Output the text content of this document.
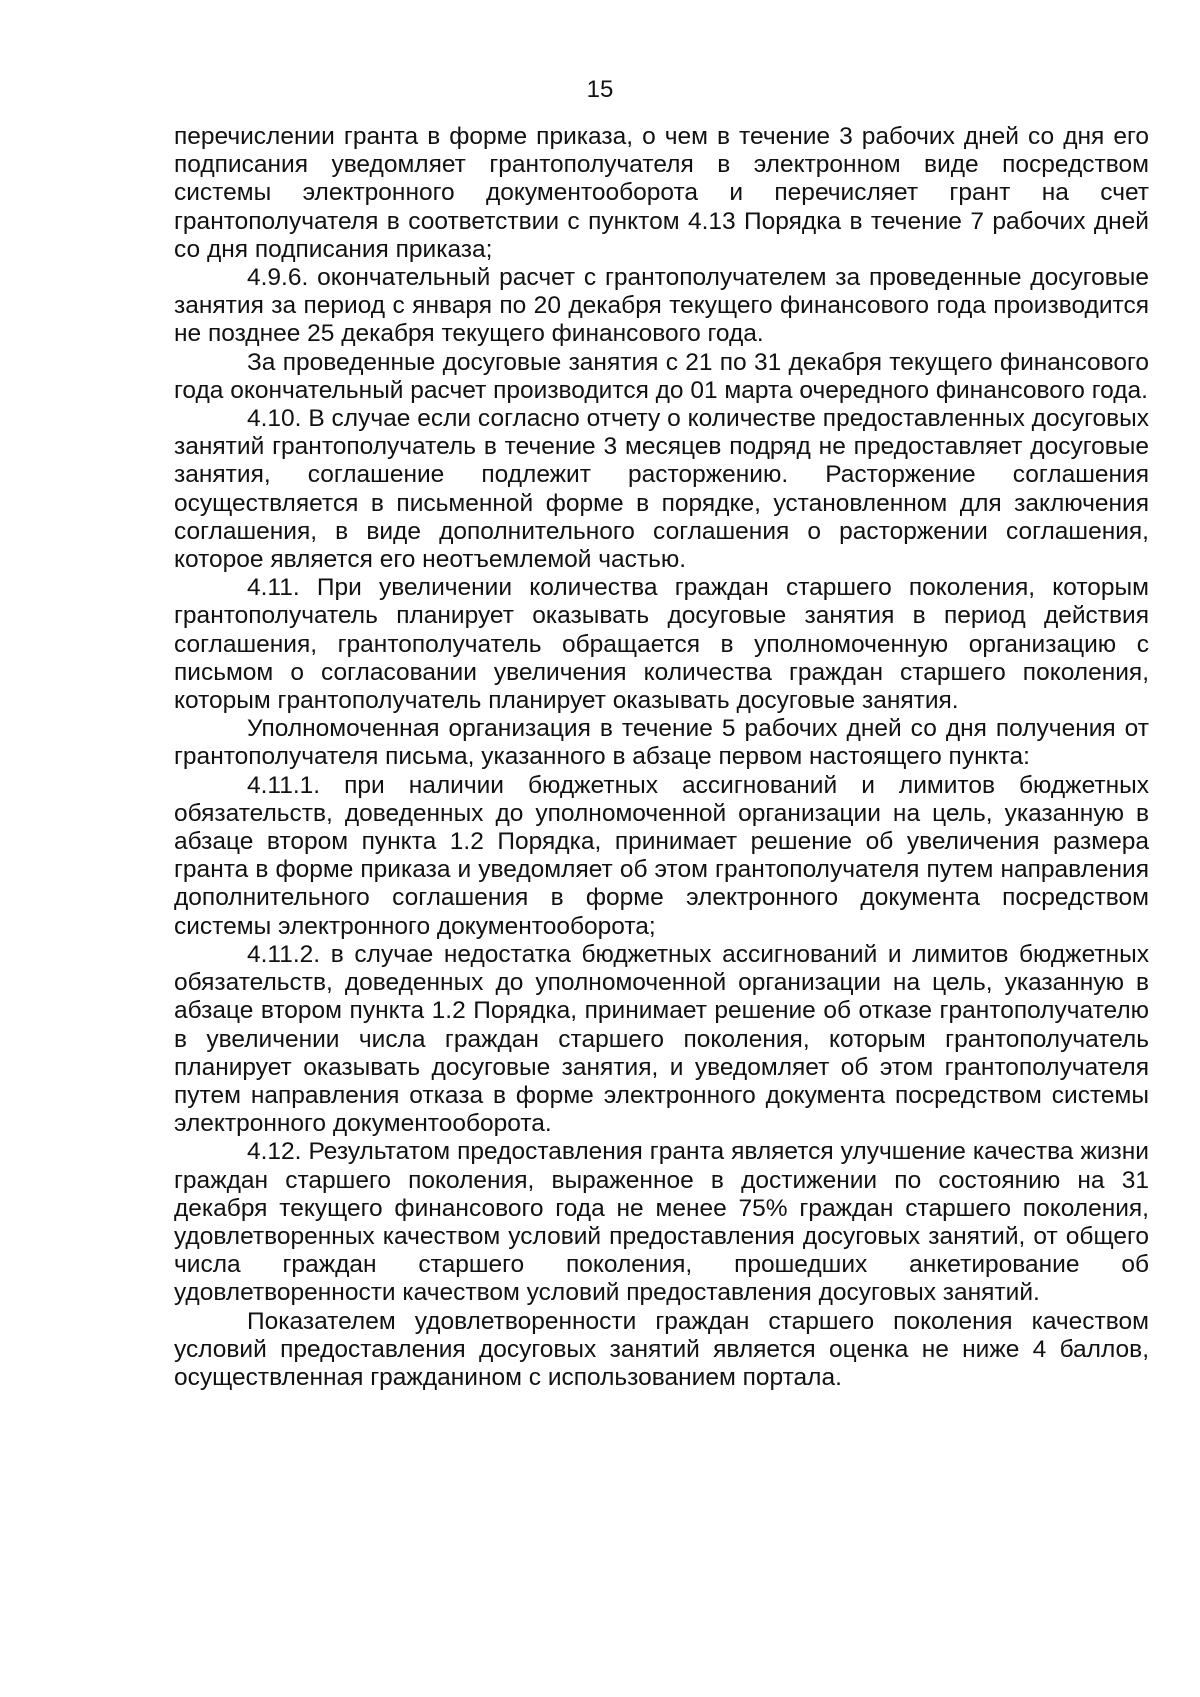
15

перечислении гранта в форме приказа, о чем в течение 3 рабочих дней со дня его подписания уведомляет грантополучателя в электронном виде посредством системы электронного документооборота и перечисляет грант на счет грантополучателя в соответствии с пунктом 4.13 Порядка в течение 7 рабочих дней со дня подписания приказа;

4.9.6. окончательный расчет с грантополучателем за проведенные досуговые занятия за период с января по 20 декабря текущего финансового года производится не позднее 25 декабря текущего финансового года.

За проведенные досуговые занятия с 21 по 31 декабря текущего финансового года окончательный расчет производится до 01 марта очередного финансового года.

4.10. В случае если согласно отчету о количестве предоставленных досуговых занятий грантополучатель в течение 3 месяцев подряд не предоставляет досуговые занятия, соглашение подлежит расторжению. Расторжение соглашения осуществляется в письменной форме в порядке, установленном для заключения соглашения, в виде дополнительного соглашения о расторжении соглашения, которое является его неотъемлемой частью.

4.11. При увеличении количества граждан старшего поколения, которым грантополучатель планирует оказывать досуговые занятия в период действия соглашения, грантополучатель обращается в уполномоченную организацию с письмом о согласовании увеличения количества граждан старшего поколения, которым грантополучатель планирует оказывать досуговые занятия.

Уполномоченная организация в течение 5 рабочих дней со дня получения от грантополучателя письма, указанного в абзаце первом настоящего пункта:

4.11.1. при наличии бюджетных ассигнований и лимитов бюджетных обязательств, доведенных до уполномоченной организации на цель, указанную в абзаце втором пункта 1.2 Порядка, принимает решение об увеличения размера гранта в форме приказа и уведомляет об этом грантополучателя путем направления дополнительного соглашения в форме электронного документа посредством системы электронного документооборота;

4.11.2. в случае недостатка бюджетных ассигнований и лимитов бюджетных обязательств, доведенных до уполномоченной организации на цель, указанную в абзаце втором пункта 1.2 Порядка, принимает решение об отказе грантополучателю в увеличении числа граждан старшего поколения, которым грантополучатель планирует оказывать досуговые занятия, и уведомляет об этом грантополучателя путем направления отказа в форме электронного документа посредством системы электронного документооборота.

4.12. Результатом предоставления гранта является улучшение качества жизни граждан старшего поколения, выраженное в достижении по состоянию на 31 декабря текущего финансового года не менее 75% граждан старшего поколения, удовлетворенных качеством условий предоставления досуговых занятий, от общего числа граждан старшего поколения, прошедших анкетирование об удовлетворенности качеством условий предоставления досуговых занятий.

Показателем удовлетворенности граждан старшего поколения качеством условий предоставления досуговых занятий является оценка не ниже 4 баллов, осуществленная гражданином с использованием портала.
